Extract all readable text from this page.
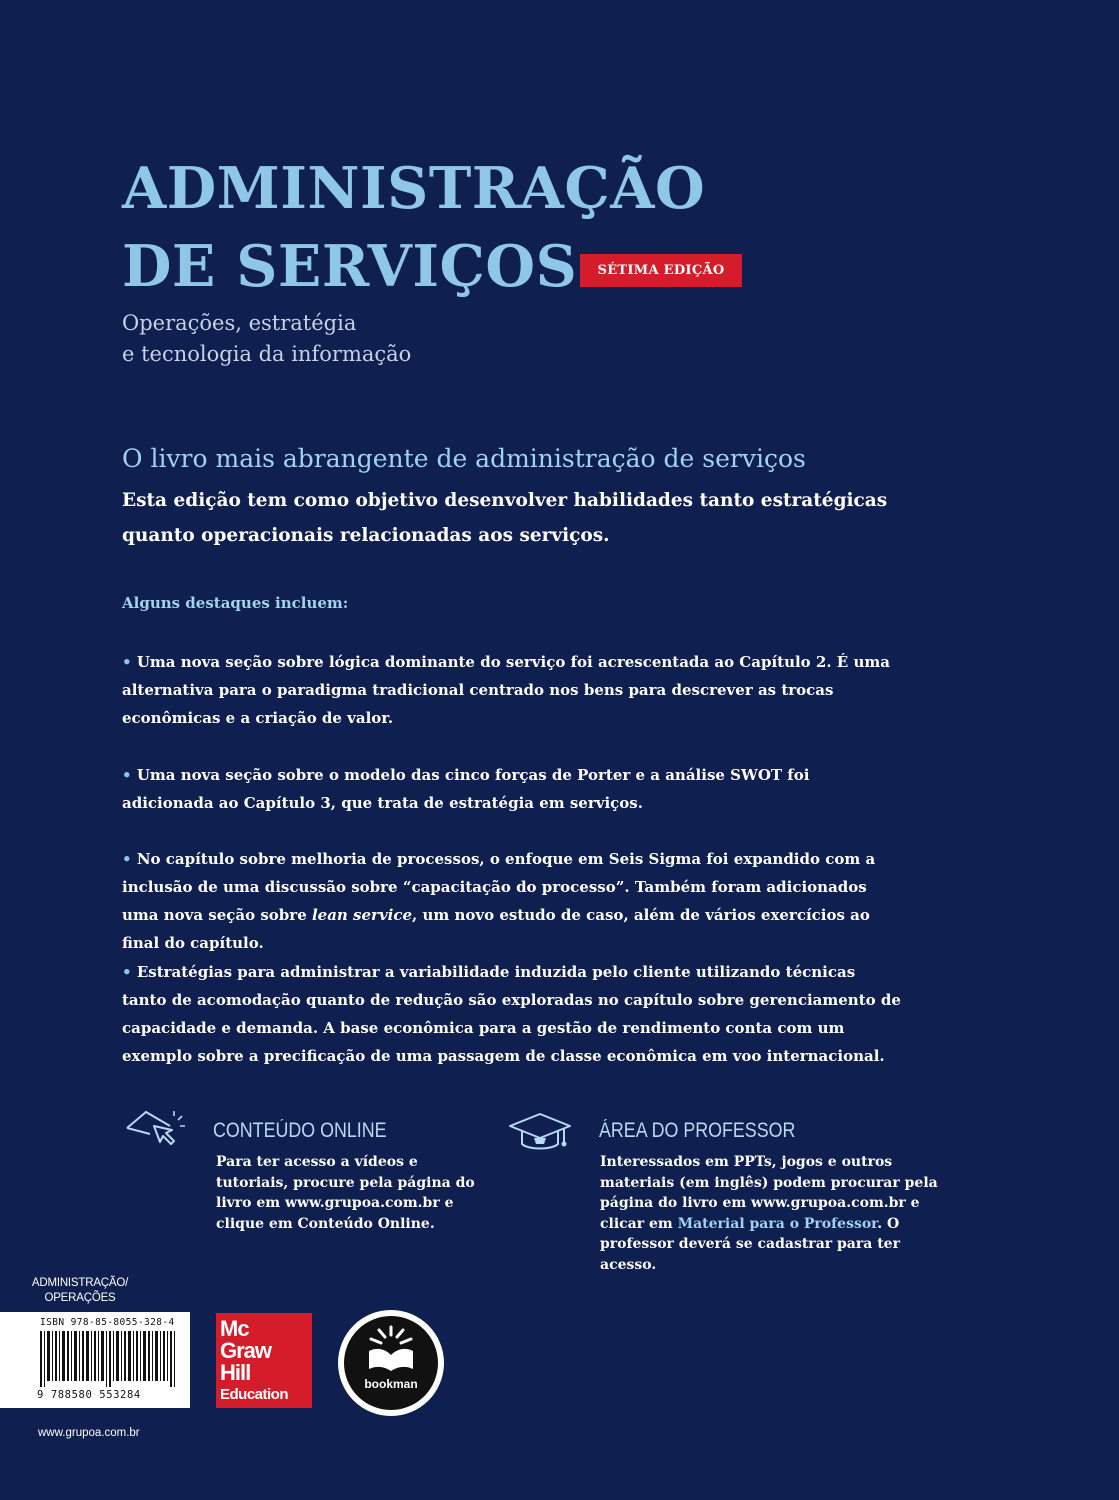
ADMINISTRAÇÃO
DE SERVIÇOS	SÉTIMA EDIÇÃO
Operações, estratégia
e tecnologia da informação
O livro mais abrangente de administração de serviços
Esta edição tem como objetivo desenvolver habilidades tanto estratégicas quanto operacionais relacionadas aos serviços.
Alguns destaques incluem:
• Uma nova seção sobre lógica dominante do serviço foi acrescentada ao Capítulo 2. É uma alternativa para o paradigma tradicional centrado nos bens para descrever as trocas econômicas e a criação de valor.
• Uma nova seção sobre o modelo das cinco forças de Porter e a análise SWOT foi adicionada ao Capítulo 3, que trata de estratégia em serviços.
• No capítulo sobre melhoria de processos, o enfoque em Seis Sigma foi expandido com a inclusão de uma discussão sobre “capacitação do processo”. Também foram adicionados uma nova seção sobre lean service, um novo estudo de caso, além de vários exercícios ao final do capítulo.
• Estratégias para administrar a variabilidade induzida pelo cliente utilizando técnicas tanto de acomodação quanto de redução são exploradas no capítulo sobre gerenciamento de capacidade e demanda. A base econômica para a gestão de rendimento conta com um exemplo sobre a precificação de uma passagem de classe econômica em voo internacional.
CONTEÚDO ONLINE
Para ter acesso a vídeos e tutoriais, procure pela página do livro em www.grupoa.com.br e clique em Conteúdo Online.
ÁREA DO PROFESSOR
Interessados em PPTs, jogos e outros materiais (em inglês) podem procurar pela página do livro em www.grupoa.com.br e clicar em Material para o Professor. O professor deverá se cadastrar para ter acesso.
ADMINISTRAÇÃO/
OPERAÇÕES
ISBN 978-85-8055-328-4
9 788580 553284
Mc
Graw
Hill
Education
bookman
www.grupoa.com.br
